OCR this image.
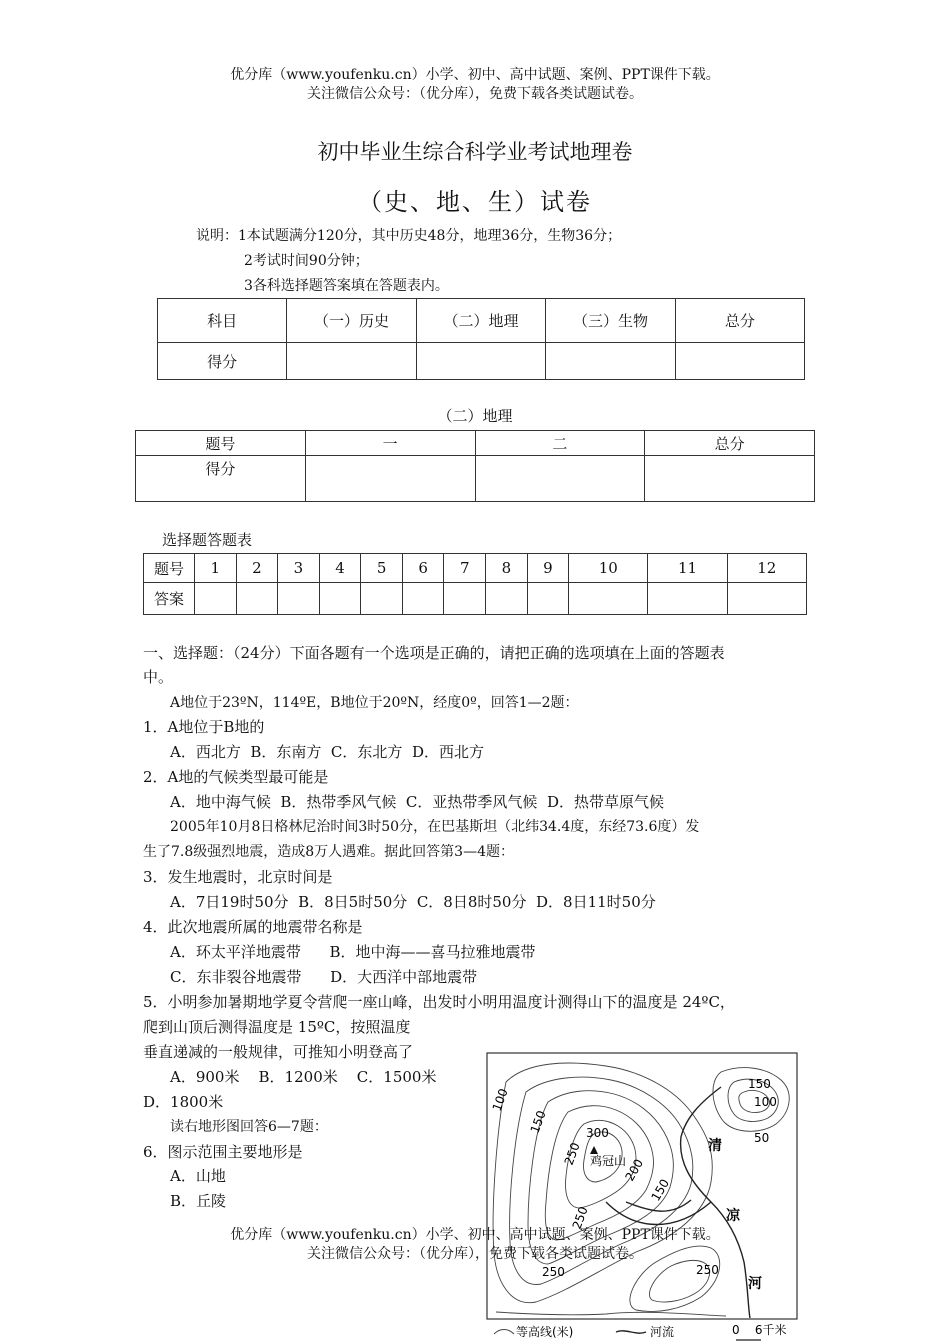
优分库（www.youfenku.cn）小学、初中、高中试题、案例、PPT课件下载。
关注微信公众号：（优分库），免费下载各类试题试卷。
初中毕业生综合科学业考试地理卷
（史、地、生）试卷
说明：1本试题满分120分，其中历史48分，地理36分，生物36分；
2考试时间90分钟；
3各科选择题答案填在答题表内。
科目	（一）历史	（二）地理	（三）生物	总分
得分				
（二）地理
题号	一	二	总分
得分			
选择题答题表
题号	1	2	3	4	5	6	7	8	9	10	11	12
答案												
一、选择题：（24分）下面各题有一个选项是正确的，请把正确的选项填在上面的答题表
中。
A地位于23ºN，114ºE，B地位于20ºN，经度0º，回答1—2题：
1．A地位于B地的
A．西北方  B．东南方  C．东北方  D．西北方
2．A地的气候类型最可能是
A．地中海气候  B．热带季风气候  C．亚热带季风气候  D．热带草原气候
2005年10月8日格林尼治时间3时50分，在巴基斯坦（北纬34.4度，东经73.6度）发
生了7.8级强烈地震，造成8万人遇难。据此回答第3—4题：
3．发生地震时，北京时间是
A．7日19时50分  B．8日5时50分  C．8日8时50分  D．8日11时50分
4．此次地震所属的地震带名称是
A．环太平洋地震带      B．地中海——喜马拉雅地震带
C．东非裂谷地震带      D．大西洋中部地震带
5．小明参加暑期地学夏令营爬一座山峰，出发时小明用温度计测得山下的温度是 24ºC，
爬到山顶后测得温度是 15ºC，按照温度
垂直递减的一般规律，可推知小明登高了
A．900米    B．1200米    C．1500米
D．1800米
读右地形图回答6—7题：
6．图示范围主要地形是
A．山地
B．丘陵
300
鸡冠山
100
150
250
200
150
250
250
150
100
50
250
清
凉
河
等高线(米)	河流	0    6千米
优分库（www.youfenku.cn）小学、初中、高中试题、案例、PPT课件下载。
关注微信公众号：（优分库），免费下载各类试题试卷。
